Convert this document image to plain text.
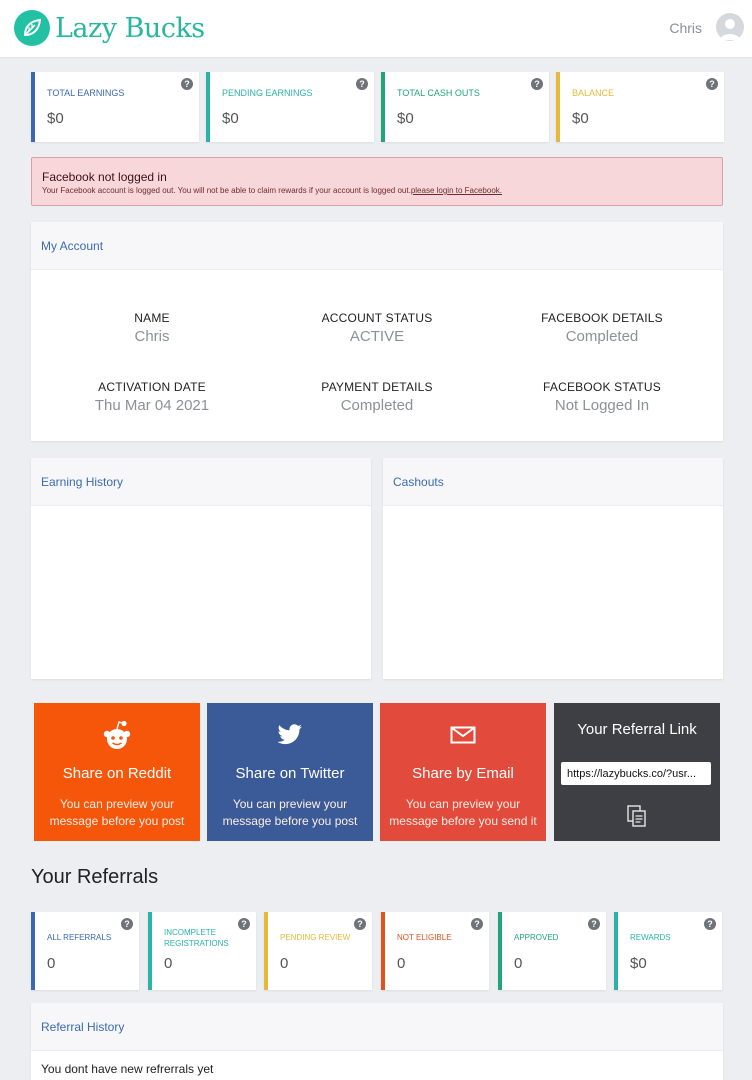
Lazy Bucks	Chris
TOTAL EARNINGS
$0
?
PENDING EARNINGS
$0
?
TOTAL CASH OUTS
$0
?
BALANCE
$0
?
Facebook not logged in
Your Facebook account is logged out. You will not be able to claim rewards if your account is logged out.please login to Facebook.
My Account
NAME
Chris
ACCOUNT STATUS
ACTIVE
FACEBOOK DETAILS
Completed
ACTIVATION DATE
Thu Mar 04 2021
PAYMENT DETAILS
Completed
FACEBOOK STATUS
Not Logged In
Earning History	Cashouts
Share on Reddit
You can preview your message before you post
Share on Twitter
You can preview your message before you post
Share by Email
You can preview your message before you send it
Your Referral Link
https://lazybucks.co/?usr...
Your Referrals
ALL REFERRALS
0
?
INCOMPLETE REGISTRATIONS
0
?
PENDING REVIEW
0
?
NOT ELIGIBLE
0
?
APPROVED
0
?
REWARDS
$0
?
Referral History
You dont have new refrerrals yet
